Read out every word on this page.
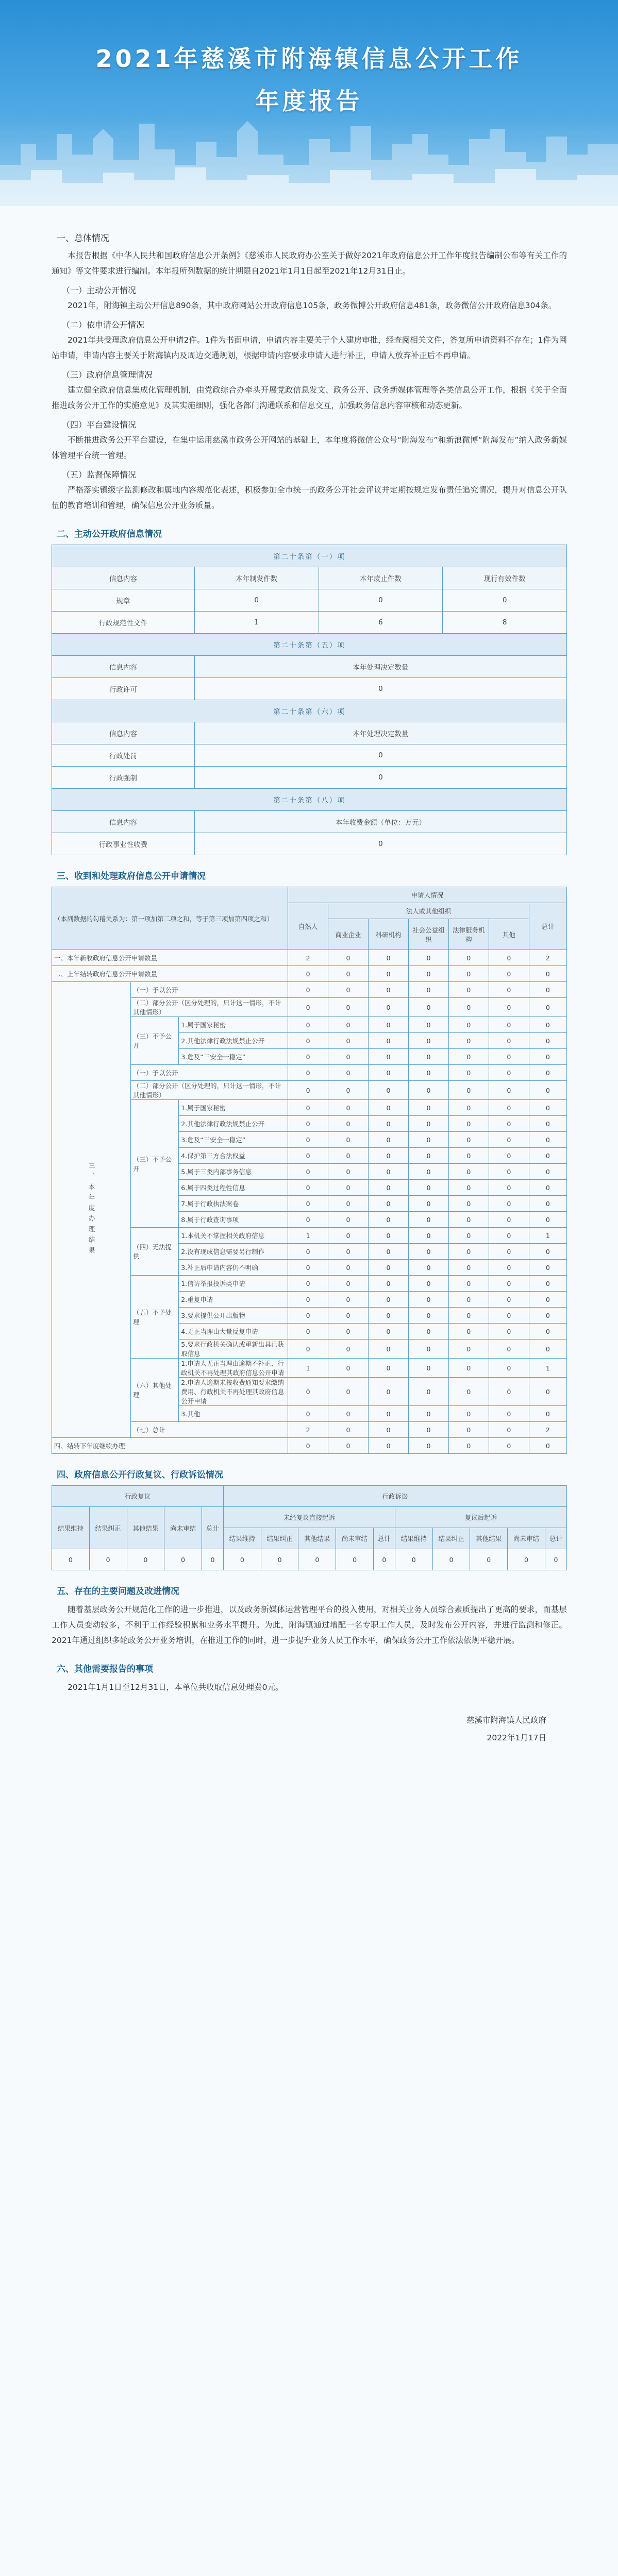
2021年慈溪市附海镇信息公开工作
年度报告
一、总体情况

本报告根据《中华人民共和国政府信息公开条例》《慈溪市人民政府办公室关于做好2021年政府信息公开工作年度报告编制公布等有关工作的通知》等文件要求进行编制。本年报所列数据的统计期限自2021年1月1日起至2021年12月31日止。

（一）主动公开情况

2021年，附海镇主动公开信息890条，其中政府网站公开政府信息105条，政务微博公开政府信息481条，政务微信公开政府信息304条。

（二）依申请公开情况

2021年共受理政府信息公开申请2件。1件为书面申请，申请内容主要关于个人建房审批，经查阅相关文件，答复所申请资料不存在；1件为网站申请，申请内容主要关于附海镇内及周边交通规划，根据申请内容要求申请人进行补正，申请人放弃补正后不再申请。

（三）政府信息管理情况

建立健全政府信息集成化管理机制，由党政综合办牵头开展党政信息发文、政务公开、政务新媒体管理等各类信息公开工作，根据《关于全面推进政务公开工作的实施意见》及其实施细则，强化各部门沟通联系和信息交互，加强政务信息内容审核和动态更新。

（四）平台建设情况

不断推进政务公开平台建设，在集中运用慈溪市政务公开网站的基础上，本年度将微信公众号“附海发布”和新浪微博“附海发布”纳入政务新媒体管理平台统一管理。

（五）监督保障情况

严格落实镇级字监测修改和属地内容规范化表述，积极参加全市统一的政务公开社会评议并定期按规定发布责任追究情况，提升对信息公开队伍的教育培训和管理，确保信息公开业务质量。

二、主动公开政府信息情况
第二十条第（一）项			
信息内容	本年制发件数	本年废止件数	现行有效件数
规章	0	0	0
行政规范性文件	1	6	8
第二十条第（五）项			
信息内容	本年处理决定数量		
行政许可	0		
第二十条第（六）项			
信息内容	本年处理决定数量		
行政处罚	0		
行政强制	0		
第二十条第（八）项			
信息内容	本年收费金额（单位：万元）		
行政事业性收费	0		
三、收到和处理政府信息公开申请情况
（本列数据的勾稽关系为：第一项加第二项之和，等于第三项加第四项之和）			申请人情况						
			自然人	法人或其他组织					总计
				商业企业	科研机构	社会公益组织	法律服务机构	其他	
一、本年新收政府信息公开申请数量			2	0	0	0	0	0	2
二、上年结转政府信息公开申请数量			0	0	0	0	0	0	0
三、本年度办理结果	（一）予以公开		0	0	0	0	0	0	0
	（二）部分公开（区分处理的，只计这一情形，不计其他情形）		0	0	0	0	0	0	0
	（三）不予公开	1.属于国家秘密	0	0	0	0	0	0	0
		2.其他法律行政法规禁止公开	0	0	0	0	0	0	0
		3.危及“三安全一稳定”	0	0	0	0	0	0	0
	（一）予以公开		0	0	0	0	0	0	0
	（二）部分公开（区分处理的，只计这一情形，不计其他情形）		0	0	0	0	0	0	0
	（三）不予公开	1.属于国家秘密	0	0	0	0	0	0	0
		2.其他法律行政法规禁止公开	0	0	0	0	0	0	0
		3.危及“三安全一稳定”	0	0	0	0	0	0	0
		4.保护第三方合法权益	0	0	0	0	0	0	0
		5.属于三类内部事务信息	0	0	0	0	0	0	0
		6.属于四类过程性信息	0	0	0	0	0	0	0
		7.属于行政执法案卷	0	0	0	0	0	0	0
		8.属于行政查询事项	0	0	0	0	0	0	0
	（四）无法提供	1.本机关不掌握相关政府信息	1	0	0	0	0	0	1
		2.没有现成信息需要另行制作	0	0	0	0	0	0	0
		3.补正后申请内容仍不明确	0	0	0	0	0	0	0
	（五）不予处理	1.信访举报投诉类申请	0	0	0	0	0	0	0
		2.重复申请	0	0	0	0	0	0	0
		3.要求提供公开出版物	0	0	0	0	0	0	0
		4.无正当理由大量反复申请	0	0	0	0	0	0	0
		5.要求行政机关确认或重新出具已获取信息	0	0	0	0	0	0	0
	（六）其他处理	1.申请人无正当理由逾期不补正、行政机关不再处理其政府信息公开申请	1	0	0	0	0	0	1
		2.申请人逾期未按收费通知要求缴纳费用、行政机关不再处理其政府信息公开申请	0	0	0	0	0	0	0
		3.其他	0	0	0	0	0	0	0
	（七）总计		2	0	0	0	0	0	2
四、结转下年度继续办理			0	0	0	0	0	0	0
四、政府信息公开行政复议、行政诉讼情况
行政复议					行政诉讼									
结果维持	结果纠正	其他结果	尚未审结	总计	未经复议直接起诉					复议后起诉				
					结果维持	结果纠正	其他结果	尚未审结	总计	结果维持	结果纠正	其他结果	尚未审结	总计
0	0	0	0	0	0	0	0	0	0	0	0	0	0	0
五、存在的主要问题及改进情况

随着基层政务公开规范化工作的进一步推进，以及政务新媒体运营管理平台的投入使用，对相关业务人员综合素质提出了更高的要求，而基层工作人员变动较多，不利于工作经验积累和业务水平提升。为此，附海镇通过增配一名专职工作人员，及时发布公开内容，并进行监测和修正。2021年通过组织多轮政务公开业务培训，在推进工作的同时，进一步提升业务人员工作水平，确保政务公开工作依法依规平稳开展。

六、其他需要报告的事项

2021年1月1日至12月31日，本单位共收取信息处理费0元。

慈溪市附海镇人民政府
2022年1月17日
